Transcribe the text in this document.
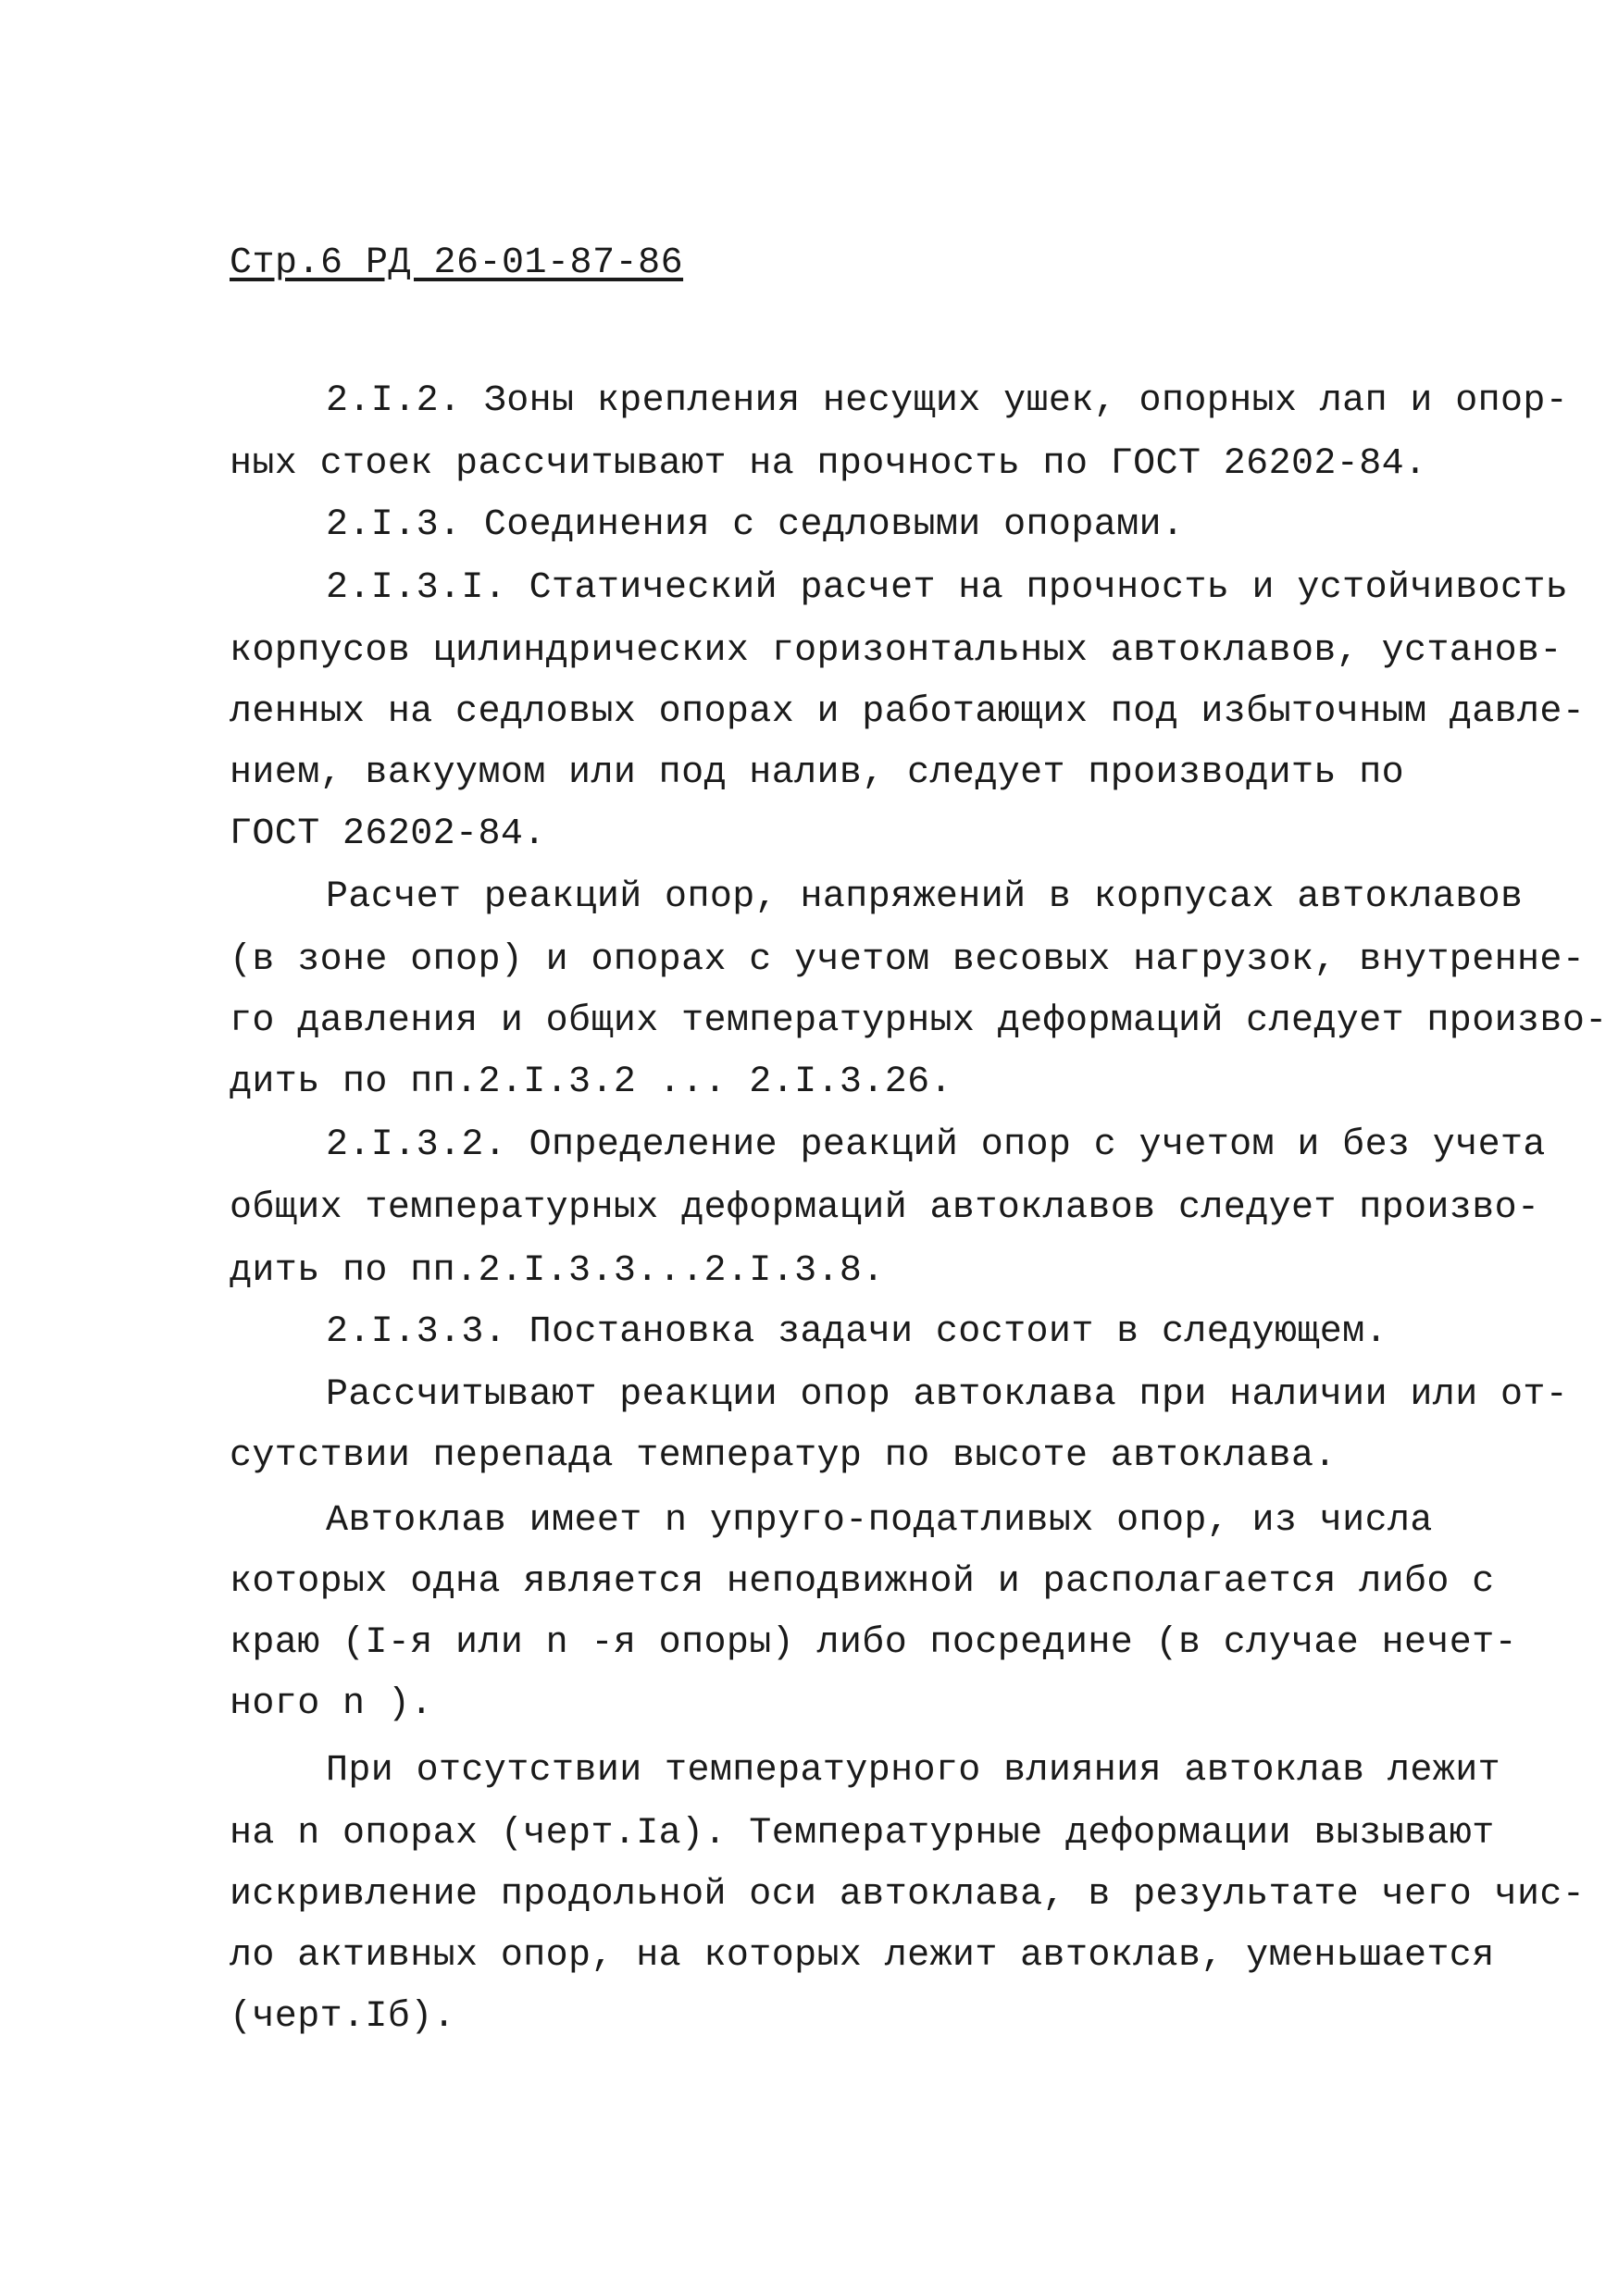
Стр.6 РД 26-01-87-86
2.I.2. Зоны крепления несущих ушек, опорных лап и опор-
ных стоек рассчитывают на прочность по ГОСТ 26202-84.
2.I.3. Соединения с седловыми опорами.
2.I.3.I. Статический расчет на прочность и устойчивость
корпусов цилиндрических горизонтальных автоклавов, установ-
ленных на седловых опорах и работающих под избыточным давле-
нием, вакуумом или под налив, следует производить по
ГОСТ 26202-84.
Расчет реакций опор, напряжений в корпусах автоклавов
(в зоне опор) и опорах с учетом весовых нагрузок, внутренне-
го давления и общих температурных деформаций следует произво-
дить по пп.2.I.3.2 ... 2.I.3.26.
2.I.3.2. Определение реакций опор с учетом и без учета
общих температурных деформаций автоклавов следует произво-
дить по пп.2.I.3.3...2.I.3.8.
2.I.3.3. Постановка задачи состоит в следующем.
Рассчитывают реакции опор автоклава при наличии или от-
сутствии перепада температур по высоте автоклава.
Автоклав имеет n упруго-податливых опор, из числа
которых одна является неподвижной и располагается либо с
краю (I-я или n -я опоры) либо посредине (в случае нечет-
ного n ).
При отсутствии температурного влияния автоклав лежит
на n опорах (черт.Iа). Температурные деформации вызывают
искривление продольной оси автоклава, в результате чего чис-
ло активных опор, на которых лежит автоклав, уменьшается
(черт.Iб).
